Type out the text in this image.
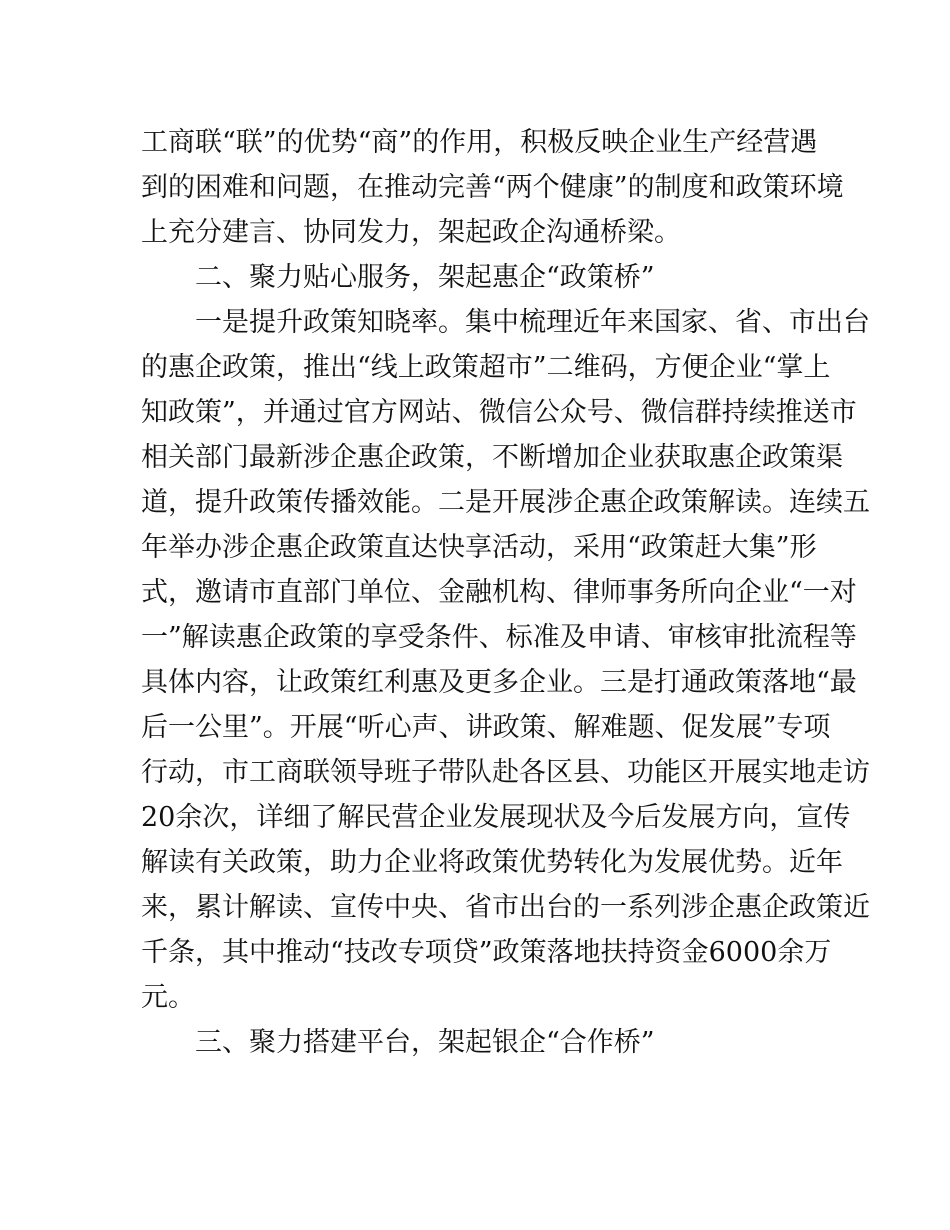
工商联“联”的优势“商”的作用，积极反映企业生产经营遇
到的困难和问题，在推动完善“两个健康”的制度和政策环境
上充分建言、协同发力，架起政企沟通桥梁。
二、聚力贴心服务，架起惠企“政策桥”
一是提升政策知晓率。集中梳理近年来国家、省、市出台
的惠企政策，推出“线上政策超市”二维码，方便企业“掌上
知政策”，并通过官方网站、微信公众号、微信群持续推送市
相关部门最新涉企惠企政策，不断增加企业获取惠企政策渠
道，提升政策传播效能。二是开展涉企惠企政策解读。连续五
年举办涉企惠企政策直达快享活动，采用“政策赶大集”形
式，邀请市直部门单位、金融机构、律师事务所向企业“一对
一”解读惠企政策的享受条件、标准及申请、审核审批流程等
具体内容，让政策红利惠及更多企业。三是打通政策落地“最
后一公里”。开展“听心声、讲政策、解难题、促发展”专项
行动，市工商联领导班子带队赴各区县、功能区开展实地走访
20余次，详细了解民营企业发展现状及今后发展方向，宣传
解读有关政策，助力企业将政策优势转化为发展优势。近年
来，累计解读、宣传中央、省市出台的一系列涉企惠企政策近
千条，其中推动“技改专项贷”政策落地扶持资金6000余万
元。
三、聚力搭建平台，架起银企“合作桥”
